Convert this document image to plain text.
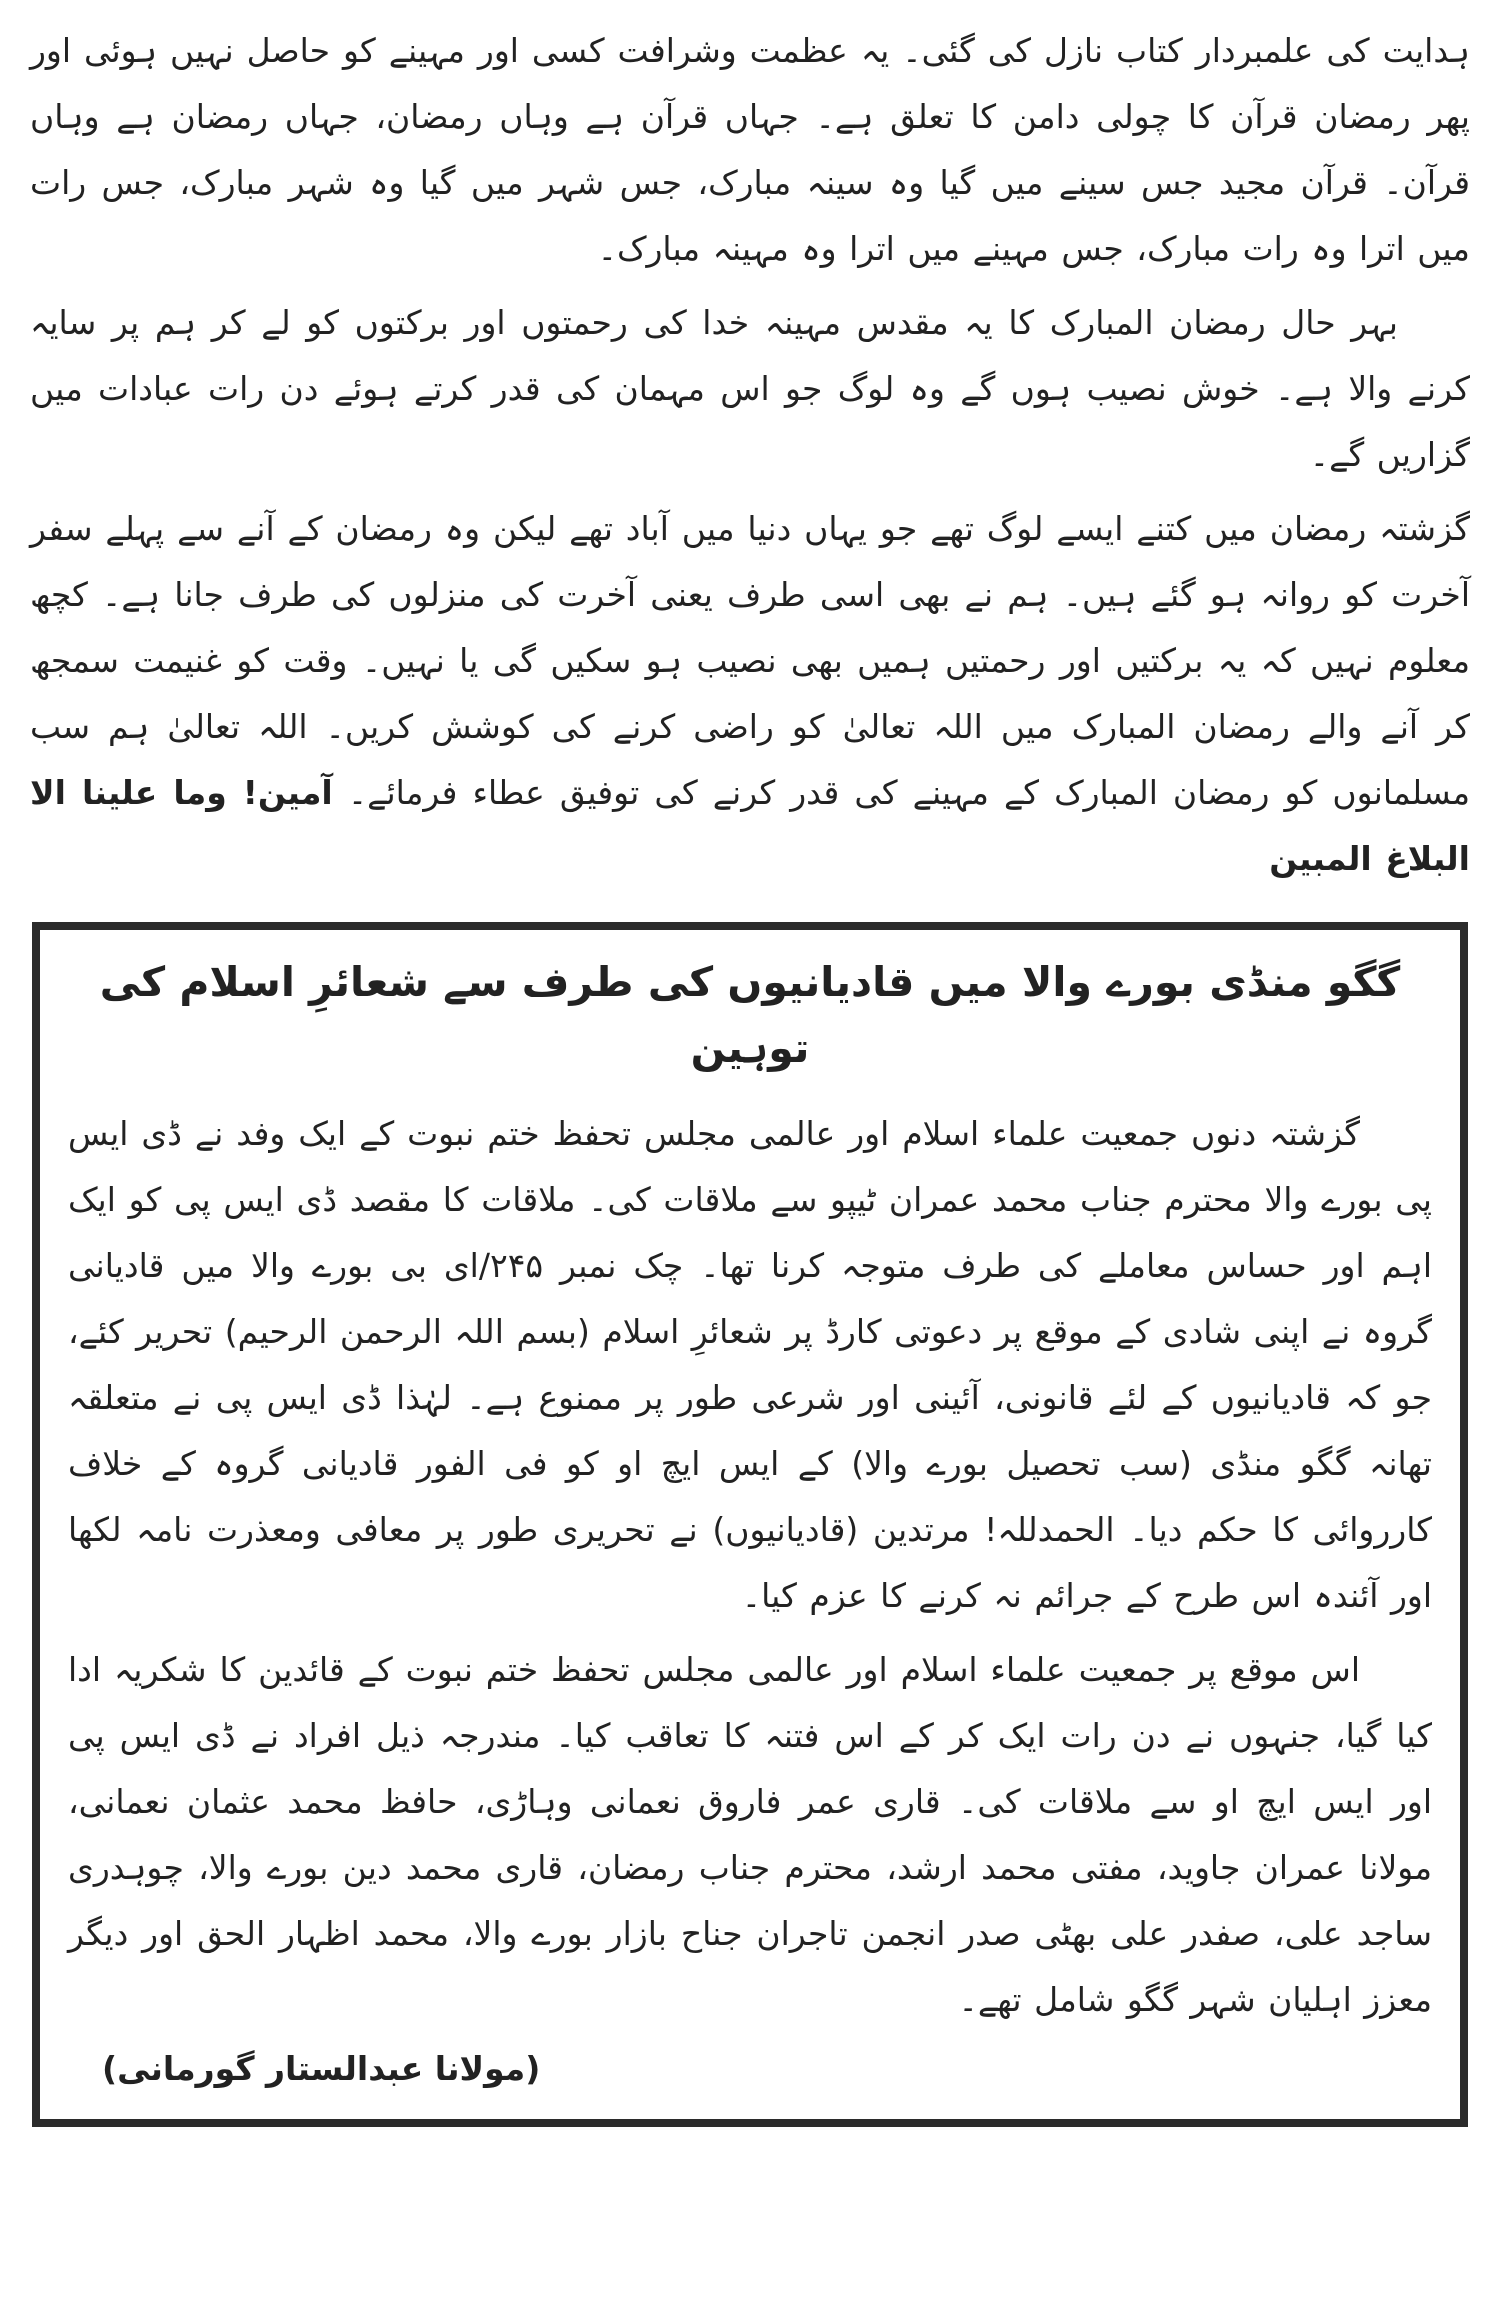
ہدایت کی علمبردار کتاب نازل کی گئی۔ یہ عظمت وشرافت کسی اور مہینے کو حاصل نہیں ہوئی اور پھر رمضان قرآن کا چولی دامن کا تعلق ہے۔ جہاں قرآن ہے وہاں رمضان، جہاں رمضان ہے وہاں قرآن۔ قرآن مجید جس سینے میں گیا وہ سینہ مبارک، جس شہر میں گیا وہ شہر مبارک، جس رات میں اترا وہ رات مبارک، جس مہینے میں اترا وہ مہینہ مبارک۔

بہر حال رمضان المبارک کا یہ مقدس مہینہ خدا کی رحمتوں اور برکتوں کو لے کر ہم پر سایہ کرنے والا ہے۔ خوش نصیب ہوں گے وہ لوگ جو اس مہمان کی قدر کرتے ہوئے دن رات عبادات میں گزاریں گے۔

گزشتہ رمضان میں کتنے ایسے لوگ تھے جو یہاں دنیا میں آباد تھے لیکن وہ رمضان کے آنے سے پہلے سفر آخرت کو روانہ ہو گئے ہیں۔ ہم نے بھی اسی طرف یعنی آخرت کی منزلوں کی طرف جانا ہے۔ کچھ معلوم نہیں کہ یہ برکتیں اور رحمتیں ہمیں بھی نصیب ہو سکیں گی یا نہیں۔ وقت کو غنیمت سمجھ کر آنے والے رمضان المبارک میں اللہ تعالیٰ کو راضی کرنے کی کوشش کریں۔ اللہ تعالیٰ ہم سب مسلمانوں کو رمضان المبارک کے مہینے کی قدر کرنے کی توفیق عطاء فرمائے۔ آمین! وما علینا الا البلاغ المبین

گگو منڈی بورے والا میں قادیانیوں کی طرف سے شعائرِ اسلام کی توہین

گزشتہ دنوں جمعیت علماء اسلام اور عالمی مجلس تحفظ ختم نبوت کے ایک وفد نے ڈی ایس پی بورے والا محترم جناب محمد عمران ٹیپو سے ملاقات کی۔ ملاقات کا مقصد ڈی ایس پی کو ایک اہم اور حساس معاملے کی طرف متوجہ کرنا تھا۔ چک نمبر ۲۴۵/ای بی بورے والا میں قادیانی گروہ نے اپنی شادی کے موقع پر دعوتی کارڈ پر شعائرِ اسلام (بسم اللہ الرحمن الرحیم) تحریر کئے، جو کہ قادیانیوں کے لئے قانونی، آئینی اور شرعی طور پر ممنوع ہے۔ لہٰذا ڈی ایس پی نے متعلقہ تھانہ گگو منڈی (سب تحصیل بورے والا) کے ایس ایچ او کو فی الفور قادیانی گروہ کے خلاف کارروائی کا حکم دیا۔ الحمدللہ! مرتدین (قادیانیوں) نے تحریری طور پر معافی ومعذرت نامہ لکھا اور آئندہ اس طرح کے جرائم نہ کرنے کا عزم کیا۔

اس موقع پر جمعیت علماء اسلام اور عالمی مجلس تحفظ ختم نبوت کے قائدین کا شکریہ ادا کیا گیا، جنہوں نے دن رات ایک کر کے اس فتنہ کا تعاقب کیا۔ مندرجہ ذیل افراد نے ڈی ایس پی اور ایس ایچ او سے ملاقات کی۔ قاری عمر فاروق نعمانی وہاڑی، حافظ محمد عثمان نعمانی، مولانا عمران جاوید، مفتی محمد ارشد، محترم جناب رمضان، قاری محمد دین بورے والا، چوہدری ساجد علی، صفدر علی بھٹی صدر انجمن تاجران جناح بازار بورے والا، محمد اظہار الحق اور دیگر معزز اہلیان شہر گگو شامل تھے۔

(مولانا عبدالستار گورمانی)
